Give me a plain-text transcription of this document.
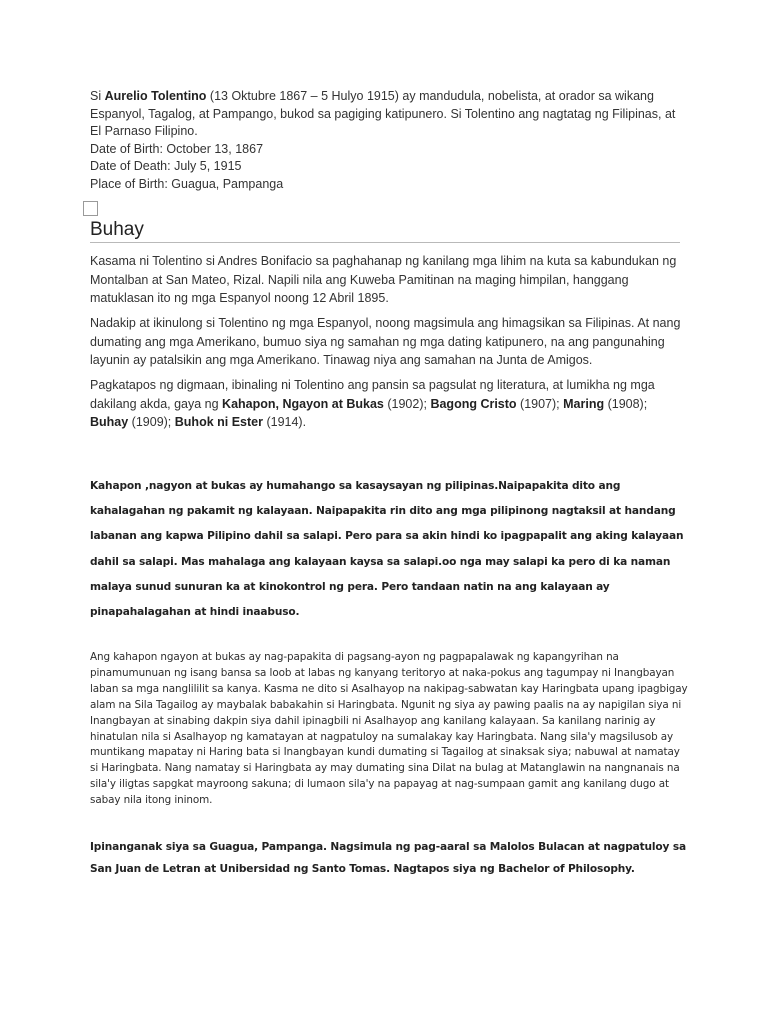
Si Aurelio Tolentino (13 Oktubre 1867 – 5 Hulyo 1915) ay mandudula, nobelista, at orador sa wikang Espanyol, Tagalog, at Pampango, bukod sa pagiging katipunero. Si Tolentino ang nagtatag ng Filipinas, at El Parnaso Filipino.

Date of Birth: October 13, 1867

Date of Death: July 5, 1915

Place of Birth: Guagua, Pampanga

Buhay

Kasama ni Tolentino si Andres Bonifacio sa paghahanap ng kanilang mga lihim na kuta sa kabundukan ng Montalban at San Mateo, Rizal. Napili nila ang Kuweba Pamitinan na maging himpilan, hanggang matuklasan ito ng mga Espanyol noong 12 Abril 1895.

Nadakip at ikinulong si Tolentino ng mga Espanyol, noong magsimula ang himagsikan sa Filipinas. At nang dumating ang mga Amerikano, bumuo siya ng samahan ng mga dating katipunero, na ang pangunahing layunin ay patalsikin ang mga Amerikano. Tinawag niya ang samahan na Junta de Amigos.

Pagkatapos ng digmaan, ibinaling ni Tolentino ang pansin sa pagsulat ng literatura, at lumikha ng mga dakilang akda, gaya ng Kahapon, Ngayon at Bukas (1902); Bagong Cristo (1907); Maring (1908); Buhay (1909); Buhok ni Ester (1914).

Kahapon ,nagyon at bukas ay humahango sa kasaysayan ng pilipinas.Naipapakita dito ang kahalagahan ng pakamit ng kalayaan. Naipapakita rin dito ang mga pilipinong nagtaksil at handang labanan ang kapwa Pilipino dahil sa salapi. Pero para sa akin hindi ko ipagpapalit ang aking kalayaan dahil sa salapi. Mas mahalaga ang kalayaan kaysa sa salapi.oo nga may salapi ka pero di ka naman malaya sunud sunuran ka at kinokontrol ng pera. Pero tandaan natin na ang kalayaan ay pinapahalagahan at hindi inaabuso.

Ang kahapon ngayon at bukas ay nag-papakita di pagsang-ayon ng pagpapalawak ng kapangyrihan na pinamumunuan ng isang bansa sa loob at labas ng kanyang teritoryo at naka-pokus ang tagumpay ni Inangbayan laban sa mga nanglililit sa kanya. Kasma ne dito si Asalhayop na nakipag-sabwatan kay Haringbata upang ipagbigay alam na Sila Tagailog ay maybalak babakahin si Haringbata. Ngunit ng siya ay pawing paalis na ay napigilan siya ni Inangbayan at sinabing dakpin siya dahil ipinagbili ni Asalhayop ang kanilang kalayaan. Sa kanilang narinig ay hinatulan nila si Asalhayop ng kamatayan at nagpatuloy na sumalakay kay Haringbata. Nang sila'y magsilusob ay muntikang mapatay ni Haring bata si Inangbayan kundi dumating si Tagailog at sinaksak siya; nabuwal at namatay si Haringbata. Nang namatay si Haringbata ay may dumating sina Dilat na bulag at Matanglawin na nangnanais na sila'y iligtas sapgkat mayroong sakuna; di lumaon sila'y na papayag at nag-sumpaan gamit ang kanilang dugo at sabay nila itong ininom.

Ipinanganak siya sa Guagua, Pampanga. Nagsimula ng pag-aaral sa Malolos Bulacan at nagpatuloy sa San Juan de Letran at Unibersidad ng Santo Tomas. Nagtapos siya ng Bachelor of Philosophy.
